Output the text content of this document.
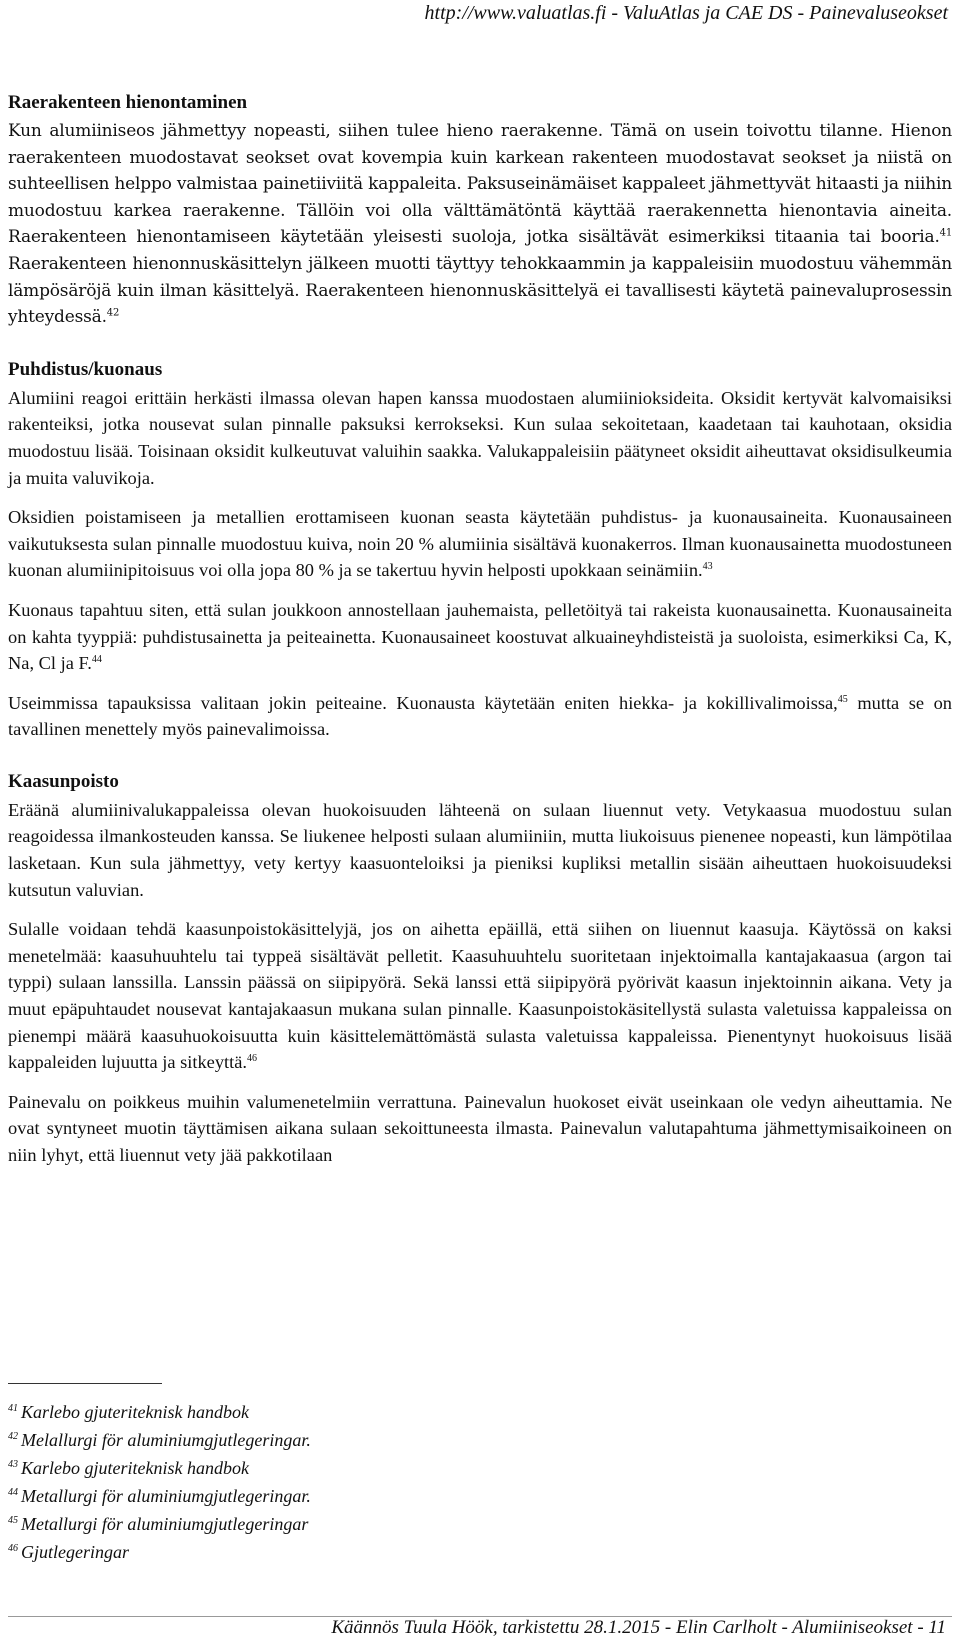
http://www.valuatlas.fi - ValuAtlas ja CAE DS - Painevaluseokset
Raerakenteen hienontaminen

Kun alumiiniseos jähmettyy nopeasti, siihen tulee hieno raerakenne. Tämä on usein toivottu tilanne. Hienon raerakenteen muodostavat seokset ovat kovempia kuin karkean rakenteen muodostavat seokset ja niistä on suhteellisen helppo valmistaa painetiiviitä kappaleita. Paksuseinämäiset kappaleet jähmettyvät hitaasti ja niihin muodostuu karkea raerakenne. Tällöin voi olla välttämätöntä käyttää raerakennetta hienontavia aineita. Raerakenteen hienontamiseen käytetään yleisesti suoloja, jotka sisältävät esimerkiksi titaania tai booria.$^{41}$ Raerakenteen hienonnuskäsittelyn jälkeen muotti täyttyy tehokkaammin ja kappaleisiin muodostuu vähemmän lämpösäröjä kuin ilman käsittelyä. Raerakenteen hienonnuskäsittelyä ei tavallisesti käytetä painevaluprosessin yhteydessä.$^{42}$

Puhdistus/kuonaus

Alumiini reagoi erittäin herkästi ilmassa olevan hapen kanssa muodostaen alumiinioksideita. Oksidit kertyvät kalvomaisiksi rakenteiksi, jotka nousevat sulan pinnalle paksuksi kerrokseksi. Kun sulaa sekoitetaan, kaadetaan tai kauhotaan, oksidia muodostuu lisää. Toisinaan oksidit kulkeutuvat valuihin saakka. Valukappaleisiin päätyneet oksidit aiheuttavat oksidisulkeumia ja muita valuvikoja.

Oksidien poistamiseen ja metallien erottamiseen kuonan seasta käytetään puhdistus- ja kuonausaineita. Kuonausaineen vaikutuksesta sulan pinnalle muodostuu kuiva, noin 20 % alumiinia sisältävä kuonakerros. Ilman kuonausainetta muodostuneen kuonan alumiinipitoisuus voi olla jopa 80 % ja se takertuu hyvin helposti upokkaan seinämiin.$^{43}$

Kuonaus tapahtuu siten, että sulan joukkoon annostellaan jauhemaista, pelletöityä tai rakeista kuonausainetta. Kuonausaineita on kahta tyyppiä: puhdistusainetta ja peiteainetta. Kuonausaineet koostuvat alkuaineyhdisteistä ja suoloista, esimerkiksi Ca, K, Na, Cl ja F.$^{44}$

Useimmissa tapauksissa valitaan jokin peiteaine. Kuonausta käytetään eniten hiekka- ja kokillivalimoissa,$^{45}$ mutta se on tavallinen menettely myös painevalimoissa.

Kaasunpoisto

Eräänä alumiinivalukappaleissa olevan huokoisuuden lähteenä on sulaan liuennut vety. Vetykaasua muodostuu sulan reagoidessa ilmankosteuden kanssa. Se liukenee helposti sulaan alumiiniin, mutta liukoisuus pienenee nopeasti, kun lämpötilaa lasketaan. Kun sula jähmettyy, vety kertyy kaasuonteloiksi ja pieniksi kupliksi metallin sisään aiheuttaen huokoisuudeksi kutsutun valuvian.

Sulalle voidaan tehdä kaasunpoistokäsittelyjä, jos on aihetta epäillä, että siihen on liuennut kaasuja. Käytössä on kaksi menetelmää: kaasuhuuhtelu tai typpeä sisältävät pelletit. Kaasuhuuhtelu suoritetaan injektoimalla kantajakaasua (argon tai typpi) sulaan lanssilla. Lanssin päässä on siipipyörä. Sekä lanssi että siipipyörä pyörivät kaasun injektoinnin aikana. Vety ja muut epäpuhtaudet nousevat kantajakaasun mukana sulan pinnalle. Kaasunpoistokäsitellystä sulasta valetuissa kappaleissa on pienempi määrä kaasuhuokoisuutta kuin käsittelemättömästä sulasta valetuissa kappaleissa. Pienentynyt huokoisuus lisää kappaleiden lujuutta ja sitkeyttä.$^{46}$

Painevalu on poikkeus muihin valumenetelmiin verrattuna. Painevalun huokoset eivät useinkaan ole vedyn aiheuttamia. Ne ovat syntyneet muotin täyttämisen aikana sulaan sekoittuneesta ilmasta. Painevalun valutapahtuma jähmettymisaikoineen on niin lyhyt, että liuennut vety jää pakkotilaan

$^{41}$ Karlebo gjuteriteknisk handbok
$^{42}$ Melallurgi för aluminiumgjutlegeringar.
$^{43}$ Karlebo gjuteriteknisk handbok
$^{44}$ Metallurgi för aluminiumgjutlegeringar.
$^{45}$ Metallurgi för aluminiumgjutlegeringar
$^{46}$ Gjutlegeringar
Käännös Tuula Höök, tarkistettu 28.1.2015 - Elin Carlholt - Alumiiniseokset - 11
